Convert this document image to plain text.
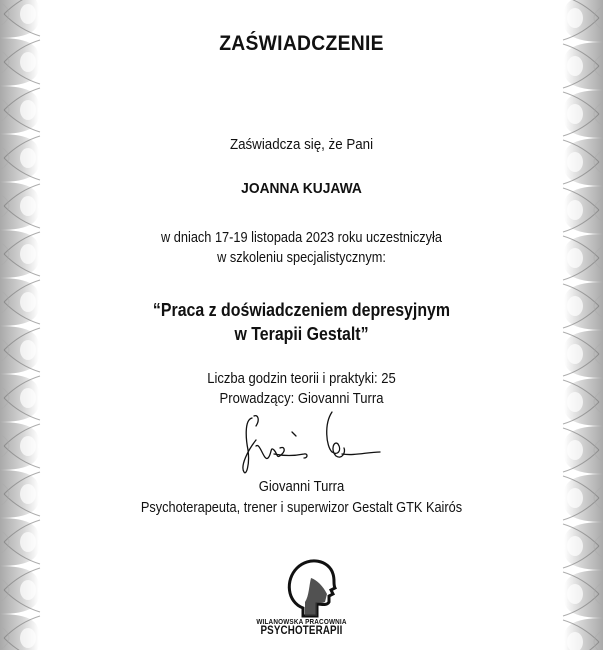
ZAŚWIADCZENIE
Zaświadcza się, że Pani
JOANNA KUJAWA
w dniach 17-19 listopada 2023 roku uczestniczyła
w szkoleniu specjalistycznym:
“Praca z doświadczeniem depresyjnym
w Terapii Gestalt”
Liczba godzin teorii i praktyki: 25
Prowadzący: Giovanni Turra
Giovanni Turra
Psychoterapeuta, trener i superwizor Gestalt GTK Kairós
WILANOWSKA PRACOWNIA
PSYCHOTERAPII
